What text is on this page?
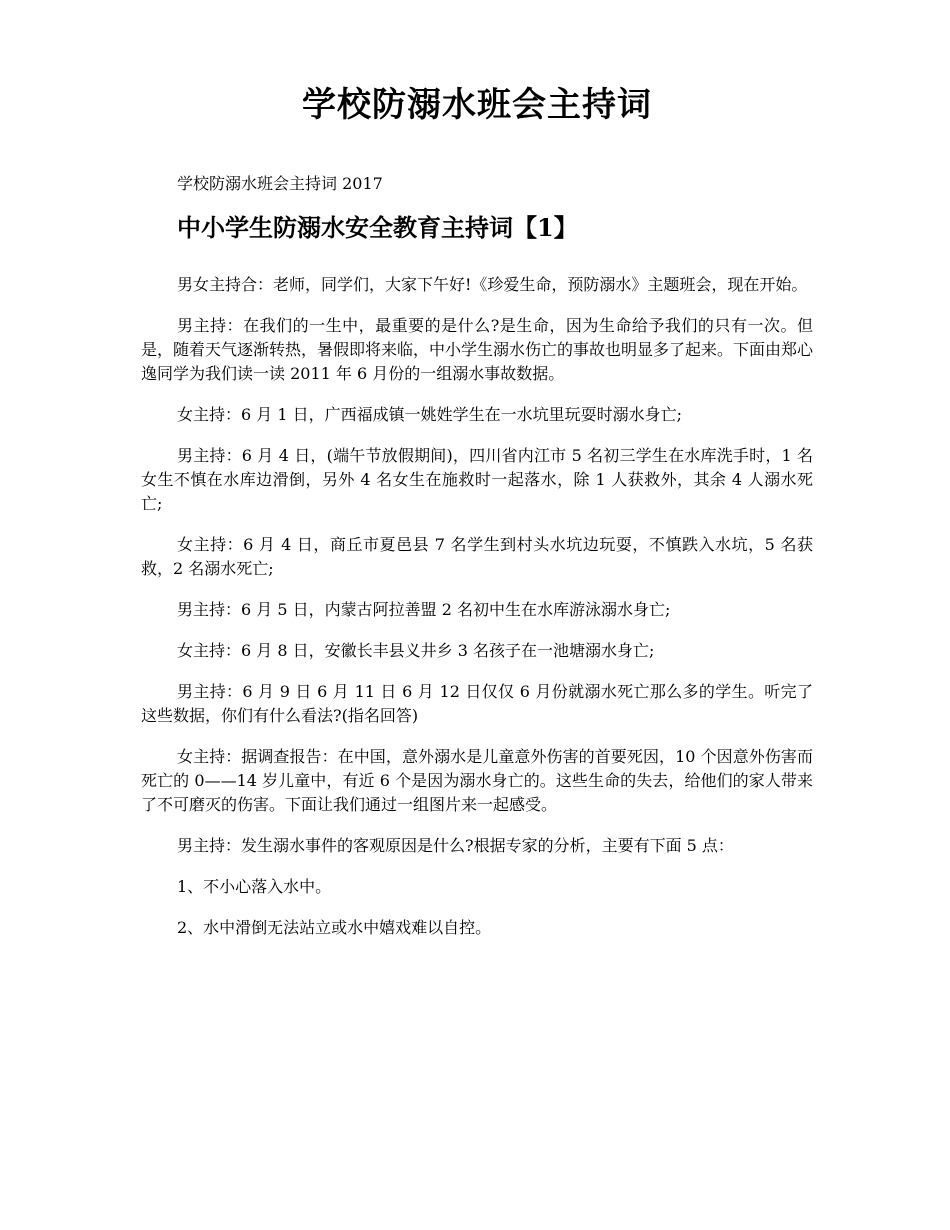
学校防溺水班会主持词

学校防溺水班会主持词 2017

中小学生防溺水安全教育主持词【1】

男女主持合：老师，同学们，大家下午好!《珍爱生命，预防溺水》主题班会，现在开始。

男主持：在我们的一生中，最重要的是什么?是生命，因为生命给予我们的只有一次。但是，随着天气逐渐转热，暑假即将来临，中小学生溺水伤亡的事故也明显多了起来。下面由郑心逸同学为我们读一读 2011 年 6 月份的一组溺水事故数据。

女主持：6 月 1 日，广西福成镇一姚姓学生在一水坑里玩耍时溺水身亡;

男主持：6 月 4 日，(端午节放假期间)，四川省内江市 5 名初三学生在水库洗手时，1 名女生不慎在水库边滑倒，另外 4 名女生在施救时一起落水，除 1 人获救外，其余 4 人溺水死亡;

女主持：6 月 4 日，商丘市夏邑县 7 名学生到村头水坑边玩耍，不慎跌入水坑，5 名获救，2 名溺水死亡;

男主持：6 月 5 日，内蒙古阿拉善盟 2 名初中生在水库游泳溺水身亡;

女主持：6 月 8 日，安徽长丰县义井乡 3 名孩子在一池塘溺水身亡;

男主持：6 月 9 日 6 月 11 日 6 月 12 日仅仅 6 月份就溺水死亡那么多的学生。听完了这些数据，你们有什么看法?(指名回答)

女主持：据调查报告：在中国，意外溺水是儿童意外伤害的首要死因，10 个因意外伤害而死亡的 0——14 岁儿童中，有近 6 个是因为溺水身亡的。这些生命的失去，给他们的家人带来了不可磨灭的伤害。下面让我们通过一组图片来一起感受。

男主持：发生溺水事件的客观原因是什么?根据专家的分析，主要有下面 5 点：

1、不小心落入水中。

2、水中滑倒无法站立或水中嬉戏难以自控。
